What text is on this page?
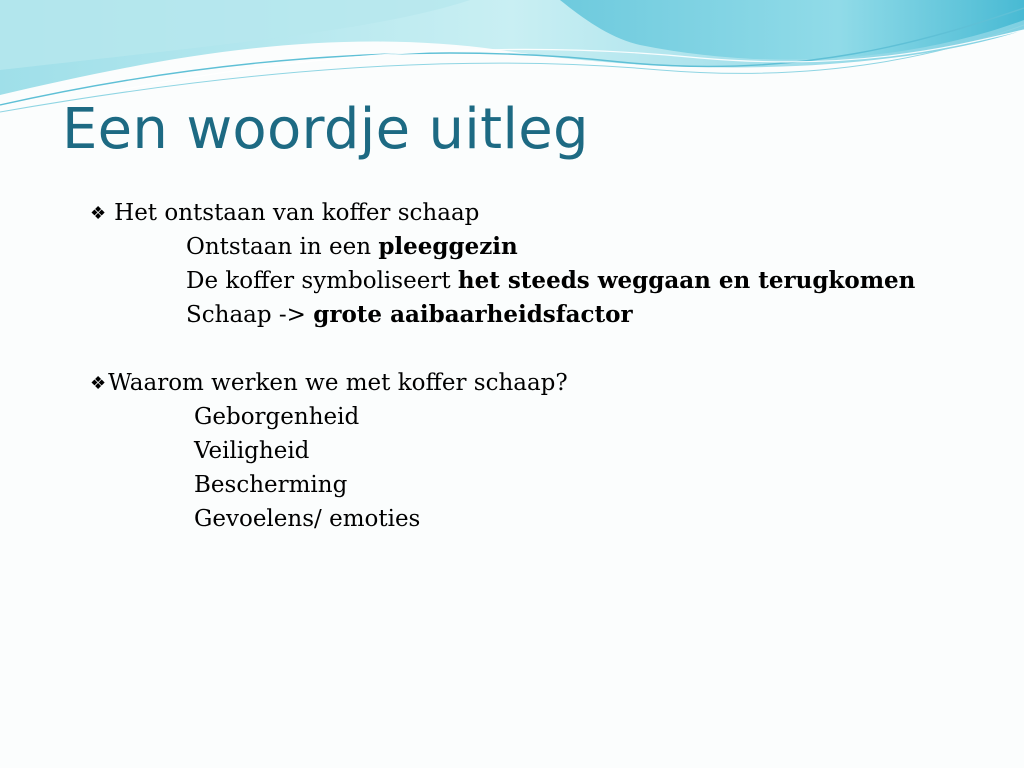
Een woordje uitleg
❖ Het ontstaan van koffer schaap
Ontstaan in een pleeggezin
De koffer symboliseert het steeds weggaan en terugkomen
Schaap -> grote aaibaarheidsfactor
❖Waarom werken we met koffer schaap?
Geborgenheid
Veiligheid
Bescherming
Gevoelens/ emoties
